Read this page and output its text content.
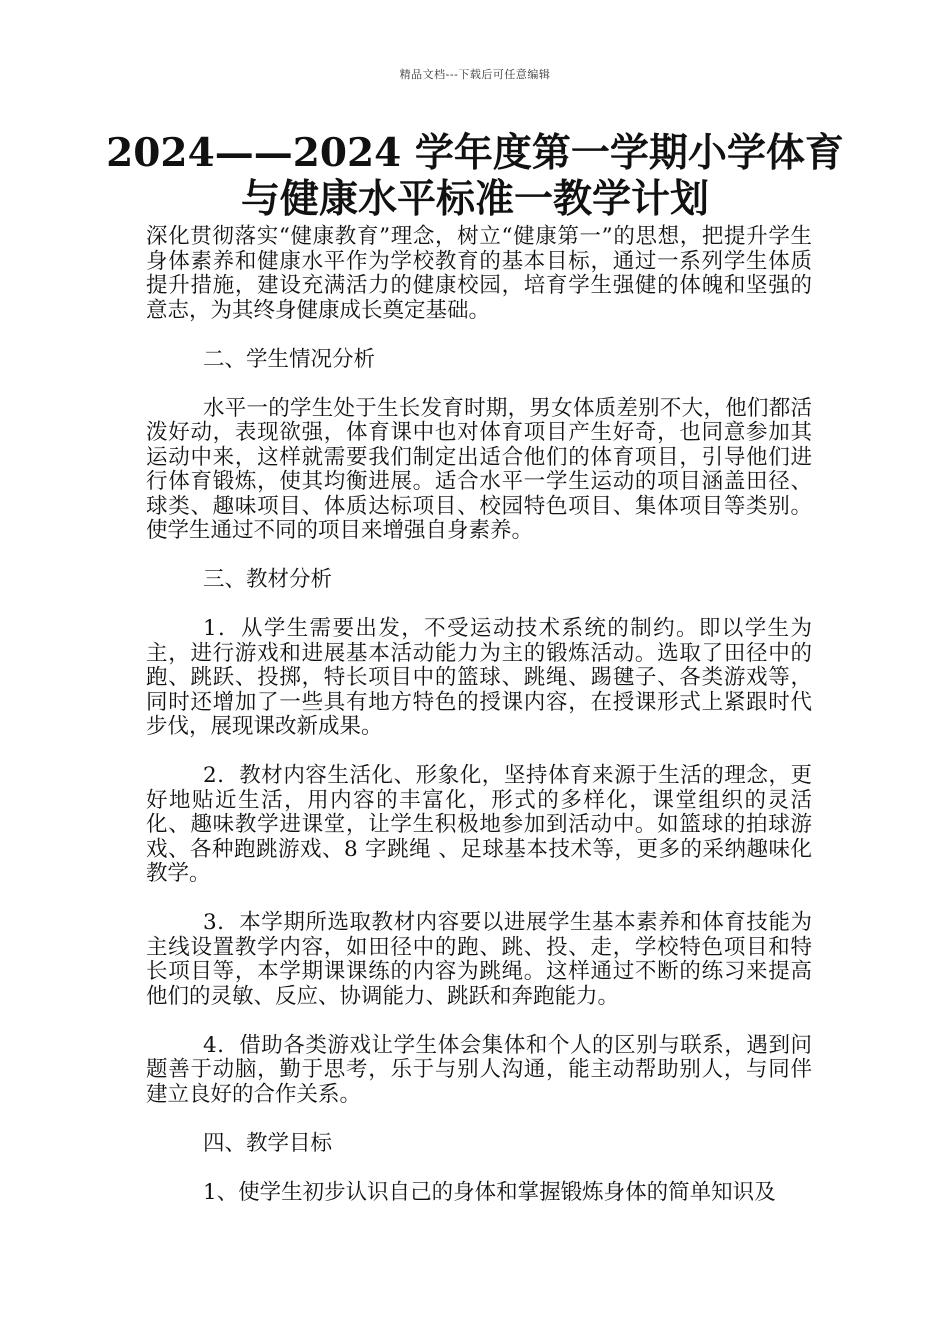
精品文档---下载后可任意编辑
2024——2024 学年度第一学期小学体育
与健康水平标准一教学计划

深化贯彻落实“健康教育”理念，树立“健康第一”的思想，把提升学生身体素养和健康水平作为学校教育的基本目标，通过一系列学生体质提升措施，建设充满活力的健康校园，培育学生强健的体魄和坚强的意志，为其终身健康成长奠定基础。

二、学生情况分析

水平一的学生处于生长发育时期，男女体质差别不大，他们都活泼好动，表现欲强，体育课中也对体育项目产生好奇，也同意参加其运动中来，这样就需要我们制定出适合他们的体育项目，引导他们进行体育锻炼，使其均衡进展。适合水平一学生运动的项目涵盖田径、球类、趣味项目、体质达标项目、校园特色项目、集体项目等类别。使学生通过不同的项目来增强自身素养。

三、教材分析

1．从学生需要出发，不受运动技术系统的制约。即以学生为主，进行游戏和进展基本活动能力为主的锻炼活动。选取了田径中的跑、跳跃、投掷，特长项目中的篮球、跳绳、踢毽子、各类游戏等，同时还增加了一些具有地方特色的授课内容，在授课形式上紧跟时代步伐，展现课改新成果。

2．教材内容生活化、形象化，坚持体育来源于生活的理念，更好地贴近生活，用内容的丰富化，形式的多样化，课堂组织的灵活化、趣味教学进课堂，让学生积极地参加到活动中。如篮球的拍球游戏、各种跑跳游戏、8 字跳绳 、足球基本技术等，更多的采纳趣味化教学。

3．本学期所选取教材内容要以进展学生基本素养和体育技能为主线设置教学内容，如田径中的跑、跳、投、走，学校特色项目和特长项目等，本学期课课练的内容为跳绳。这样通过不断的练习来提高他们的灵敏、反应、协调能力、跳跃和奔跑能力。

4．借助各类游戏让学生体会集体和个人的区别与联系，遇到问题善于动脑，勤于思考，乐于与别人沟通，能主动帮助别人，与同伴建立良好的合作关系。

四、教学目标

1、使学生初步认识自己的身体和掌握锻炼身体的简单知识及
